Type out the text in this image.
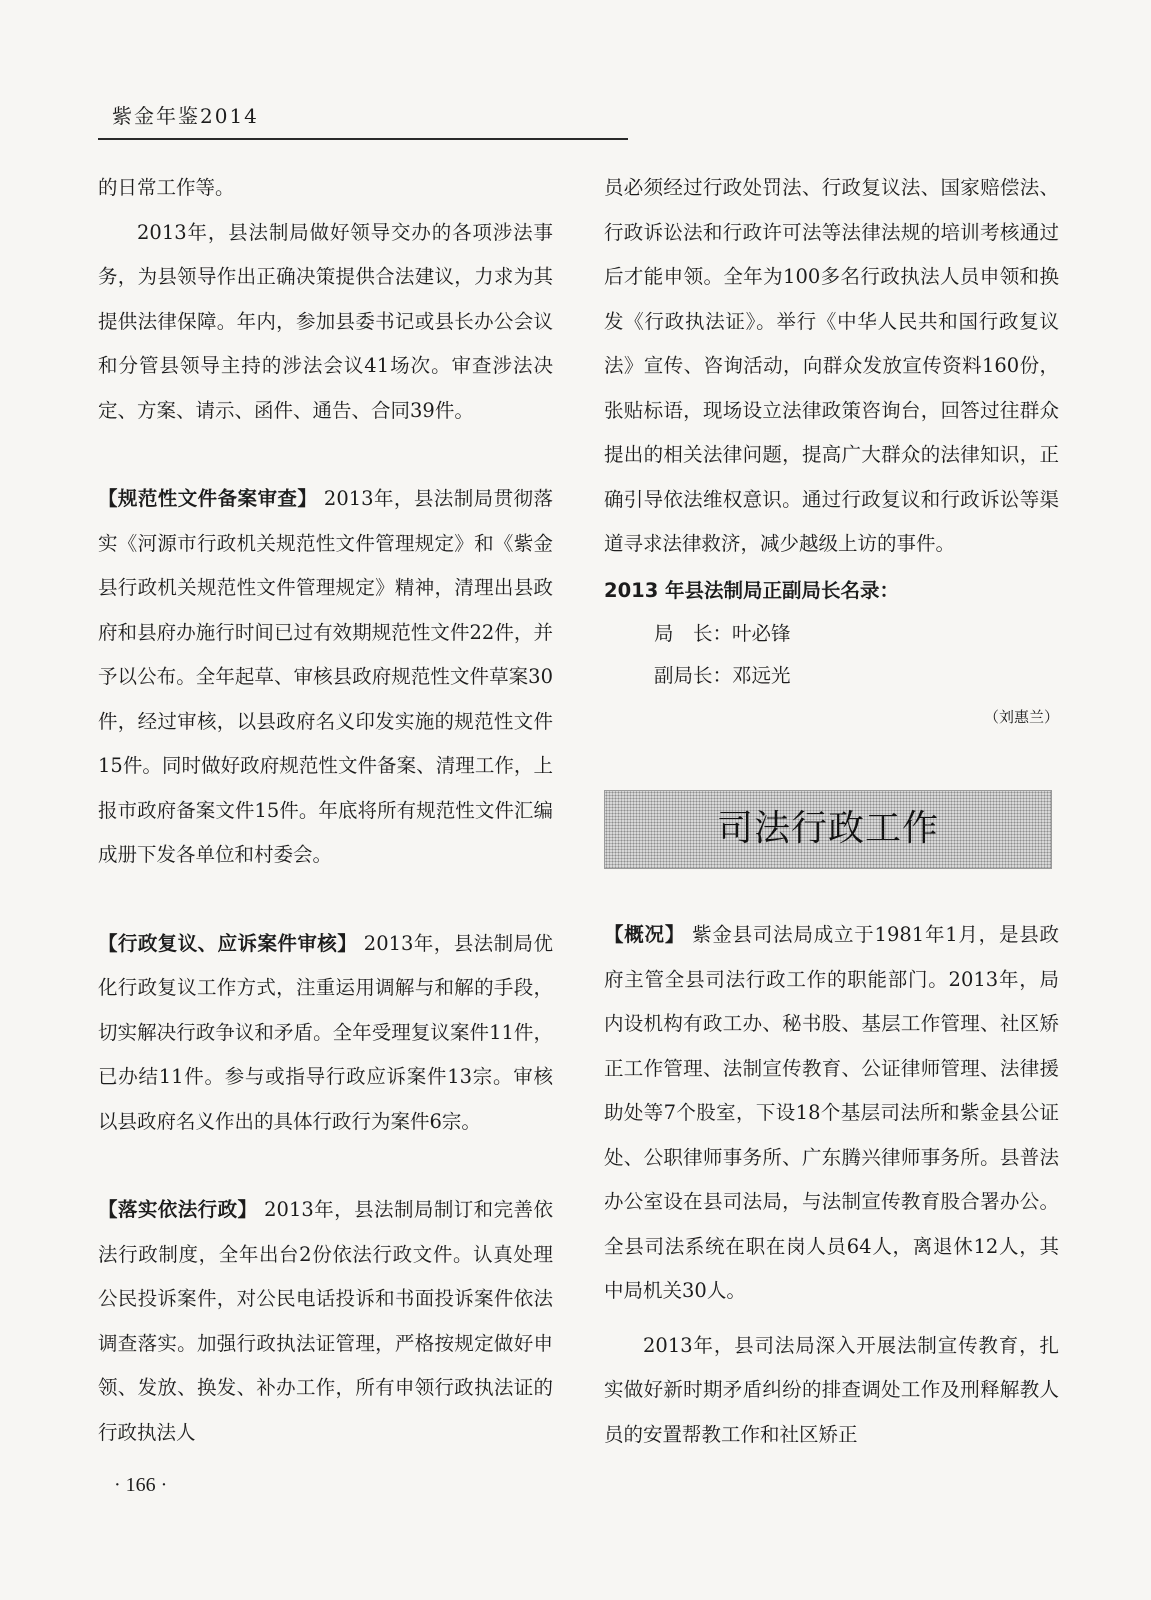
紫金年鉴2014

的日常工作等。

2013年，县法制局做好领导交办的各项涉法事务，为县领导作出正确决策提供合法建议，力求为其提供法律保障。年内，参加县委书记或县长办公会议和分管县领导主持的涉法会议41场次。审查涉法决定、方案、请示、函件、通告、合同39件。

【规范性文件备案审查】 2013年，县法制局贯彻落实《河源市行政机关规范性文件管理规定》和《紫金县行政机关规范性文件管理规定》精神，清理出县政府和县府办施行时间已过有效期规范性文件22件，并予以公布。全年起草、审核县政府规范性文件草案30件，经过审核，以县政府名义印发实施的规范性文件15件。同时做好政府规范性文件备案、清理工作，上报市政府备案文件15件。年底将所有规范性文件汇编成册下发各单位和村委会。

【行政复议、应诉案件审核】 2013年，县法制局优化行政复议工作方式，注重运用调解与和解的手段，切实解决行政争议和矛盾。全年受理复议案件11件，已办结11件。参与或指导行政应诉案件13宗。审核以县政府名义作出的具体行政行为案件6宗。

【落实依法行政】 2013年，县法制局制订和完善依法行政制度，全年出台2份依法行政文件。认真处理公民投诉案件，对公民电话投诉和书面投诉案件依法调查落实。加强行政执法证管理，严格按规定做好申领、发放、换发、补办工作，所有申领行政执法证的行政执法人

员必须经过行政处罚法、行政复议法、国家赔偿法、行政诉讼法和行政许可法等法律法规的培训考核通过后才能申领。全年为100多名行政执法人员申领和换发《行政执法证》。举行《中华人民共和国行政复议法》宣传、咨询活动，向群众发放宣传资料160份，张贴标语，现场设立法律政策咨询台，回答过往群众提出的相关法律问题，提高广大群众的法律知识，正确引导依法维权意识。通过行政复议和行政诉讼等渠道寻求法律救济，减少越级上访的事件。

2013 年县法制局正副局长名录：

局　长：叶必锋
副局长：邓远光
（刘惠兰）
司法行政工作

【概况】 紫金县司法局成立于1981年1月，是县政府主管全县司法行政工作的职能部门。2013年，局内设机构有政工办、秘书股、基层工作管理、社区矫正工作管理、法制宣传教育、公证律师管理、法律援助处等7个股室，下设18个基层司法所和紫金县公证处、公职律师事务所、广东腾兴律师事务所。县普法办公室设在县司法局，与法制宣传教育股合署办公。全县司法系统在职在岗人员64人，离退休12人，其中局机关30人。

2013年，县司法局深入开展法制宣传教育，扎实做好新时期矛盾纠纷的排查调处工作及刑释解教人员的安置帮教工作和社区矫正

· 166 ·
